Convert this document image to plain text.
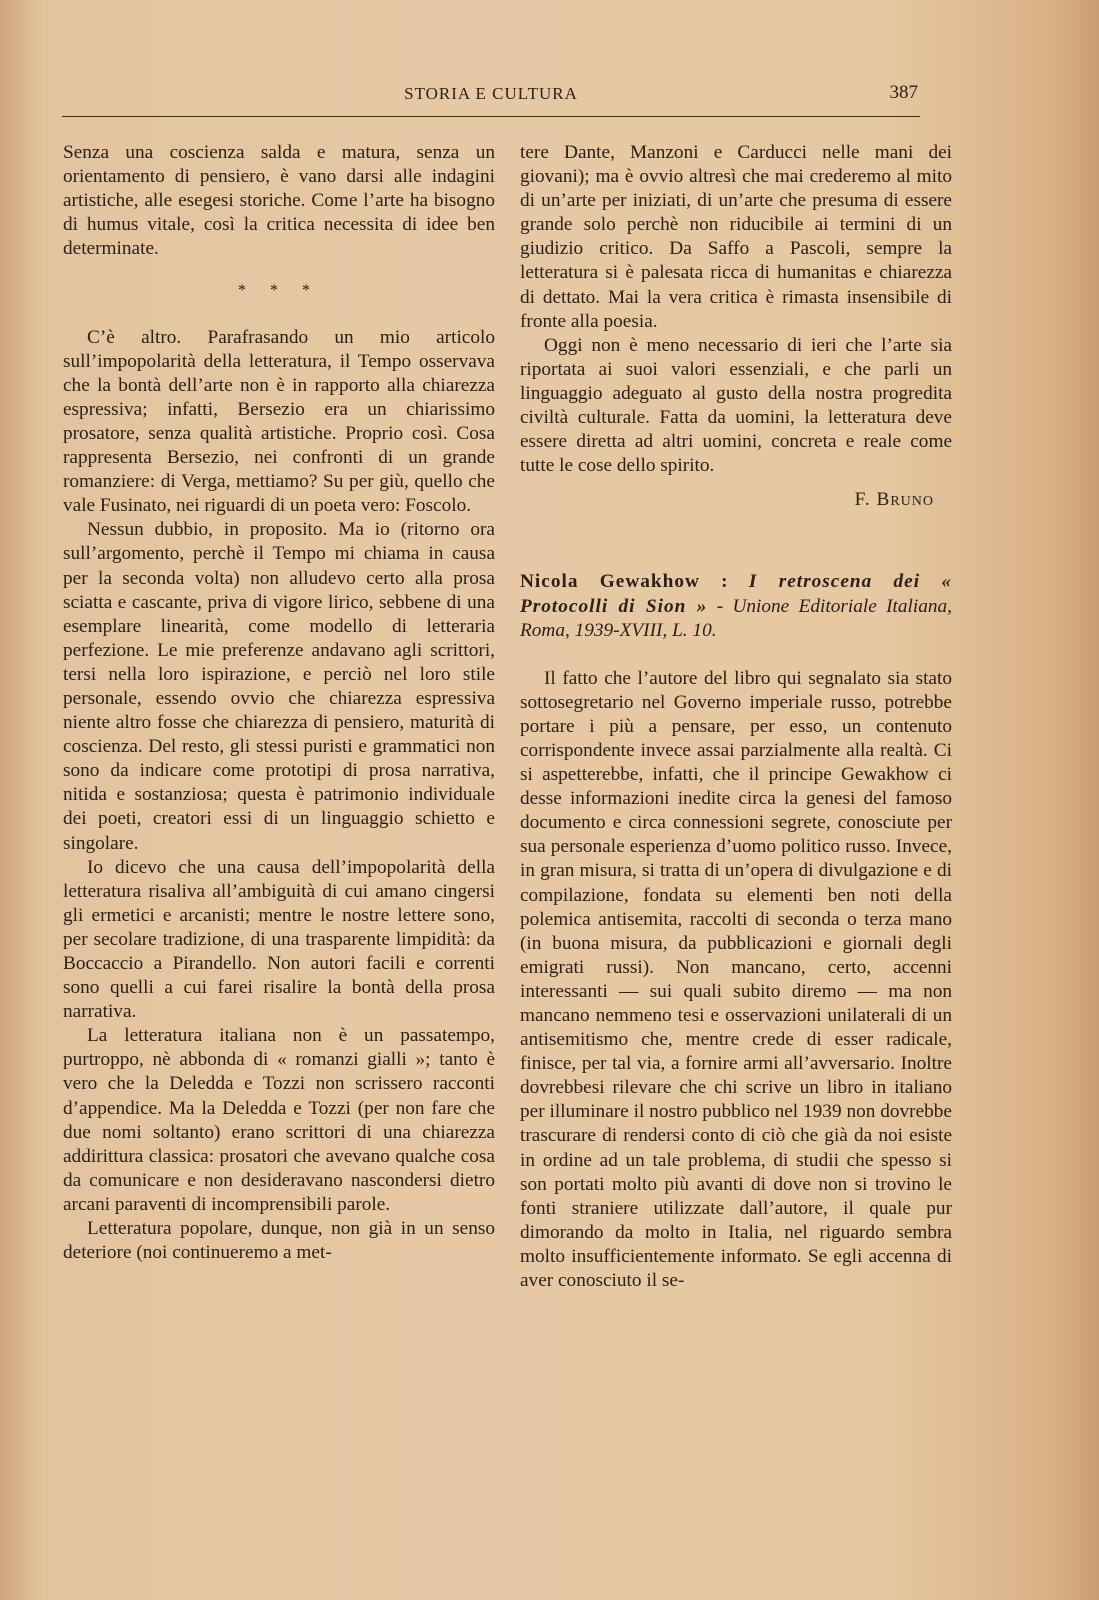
STORIA E CULTURA	387

Senza una coscienza salda e matura, senza un orientamento di pensiero, è vano darsi alle indagini artistiche, alle esegesi storiche. Come l’arte ha bisogno di humus vitale, così la critica necessita di idee ben determinate.

* * *

C’è altro. Parafrasando un mio articolo sull’impopolarità della letteratura, il Tempo osservava che la bontà dell’arte non è in rapporto alla chiarezza espressiva; infatti, Bersezio era un chiarissimo prosatore, senza qualità artistiche. Proprio così. Cosa rappresenta Bersezio, nei confronti di un grande romanziere: di Verga, mettiamo? Su per giù, quello che vale Fusinato, nei riguardi di un poeta vero: Foscolo.

Nessun dubbio, in proposito. Ma io (ritorno ora sull’argomento, perchè il Tempo mi chiama in causa per la seconda volta) non alludevo certo alla prosa sciatta e cascante, priva di vigore lirico, sebbene di una esemplare linearità, come modello di letteraria perfezione. Le mie preferenze andavano agli scrittori, tersi nella loro ispirazione, e perciò nel loro stile personale, essendo ovvio che chiarezza espressiva niente altro fosse che chiarezza di pensiero, maturità di coscienza. Del resto, gli stessi puristi e grammatici non sono da indicare come prototipi di prosa narrativa, nitida e sostanziosa; questa è patrimonio individuale dei poeti, creatori essi di un linguaggio schietto e singolare.

Io dicevo che una causa dell’impopolarità della letteratura risaliva all’ambiguità di cui amano cingersi gli ermetici e arcanisti; mentre le nostre lettere sono, per secolare tradizione, di una trasparente limpidità: da Boccaccio a Pirandello. Non autori facili e correnti sono quelli a cui farei risalire la bontà della prosa narrativa.

La letteratura italiana non è un passatempo, purtroppo, nè abbonda di « romanzi gialli »; tanto è vero che la Deledda e Tozzi non scrissero racconti d’appendice. Ma la Deledda e Tozzi (per non fare che due nomi soltanto) erano scrittori di una chiarezza addirittura classica: prosatori che avevano qualche cosa da comunicare e non desideravano nascondersi dietro arcani paraventi di incomprensibili parole.

Letteratura popolare, dunque, non già in un senso deteriore (noi continueremo a met-

tere Dante, Manzoni e Carducci nelle mani dei giovani); ma è ovvio altresì che mai crederemo al mito di un’arte per iniziati, di un’arte che presuma di essere grande solo perchè non riducibile ai termini di un giudizio critico. Da Saffo a Pascoli, sempre la letteratura si è palesata ricca di humanitas e chiarezza di dettato. Mai la vera critica è rimasta insensibile di fronte alla poesia.

Oggi non è meno necessario di ieri che l’arte sia riportata ai suoi valori essenziali, e che parli un linguaggio adeguato al gusto della nostra progredita civiltà culturale. Fatta da uomini, la letteratura deve essere diretta ad altri uomini, concreta e reale come tutte le cose dello spirito.

F. Bruno

Nicola Gewakhow : I retroscena dei « Protocolli di Sion » - Unione Editoriale Italiana, Roma, 1939-XVIII, L. 10.

Il fatto che l’autore del libro qui segnalato sia stato sottosegretario nel Governo imperiale russo, potrebbe portare i più a pensare, per esso, un contenuto corrispondente invece assai parzialmente alla realtà. Ci si aspetterebbe, infatti, che il principe Gewakhow ci desse informazioni inedite circa la genesi del famoso documento e circa connessioni segrete, conosciute per sua personale esperienza d’uomo politico russo. Invece, in gran misura, si tratta di un’opera di divulgazione e di compilazione, fondata su elementi ben noti della polemica antisemita, raccolti di seconda o terza mano (in buona misura, da pubblicazioni e giornali degli emigrati russi). Non mancano, certo, accenni interessanti — sui quali subito diremo — ma non mancano nemmeno tesi e osservazioni unilaterali di un antisemitismo che, mentre crede di esser radicale, finisce, per tal via, a fornire armi all’avversario. Inoltre dovrebbesi rilevare che chi scrive un libro in italiano per illuminare il nostro pubblico nel 1939 non dovrebbe trascurare di rendersi conto di ciò che già da noi esiste in ordine ad un tale problema, di studii che spesso si son portati molto più avanti di dove non si trovino le fonti straniere utilizzate dall’autore, il quale pur dimorando da molto in Italia, nel riguardo sembra molto insufficientemente informato. Se egli accenna di aver conosciuto il se-
